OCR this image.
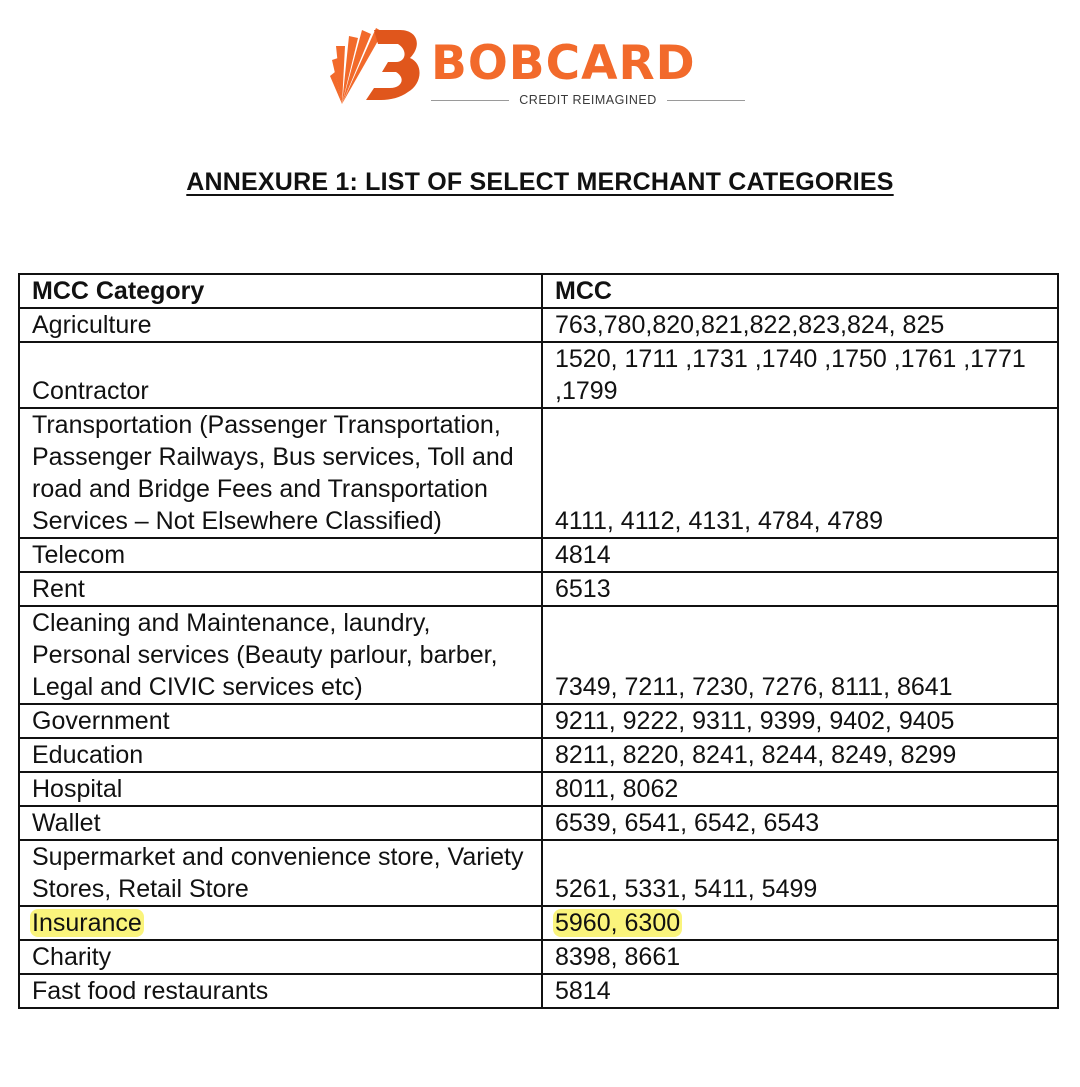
BOBCARD
CREDIT REIMAGINED
ANNEXURE 1: LIST OF SELECT MERCHANT CATEGORIES
MCC Category	MCC
Agriculture	763,780,820,821,822,823,824, 825
Contractor	1520, 1711 ,1731 ,1740 ,1750 ,1761 ,1771 ,1799
Transportation (Passenger Transportation, Passenger Railways, Bus services, Toll and road and Bridge Fees and Transportation Services – Not Elsewhere Classified)	4111, 4112, 4131, 4784, 4789
Telecom	4814
Rent	6513
Cleaning and Maintenance, laundry, Personal services (Beauty parlour, barber, Legal and CIVIC services etc)	7349, 7211, 7230, 7276, 8111, 8641
Government	9211, 9222, 9311, 9399, 9402, 9405
Education	8211, 8220, 8241, 8244, 8249, 8299
Hospital	8011, 8062
Wallet	6539, 6541, 6542, 6543
Supermarket and convenience store, Variety Stores, Retail Store	5261, 5331, 5411, 5499
Insurance	5960, 6300
Charity	8398, 8661
Fast food restaurants	5814
